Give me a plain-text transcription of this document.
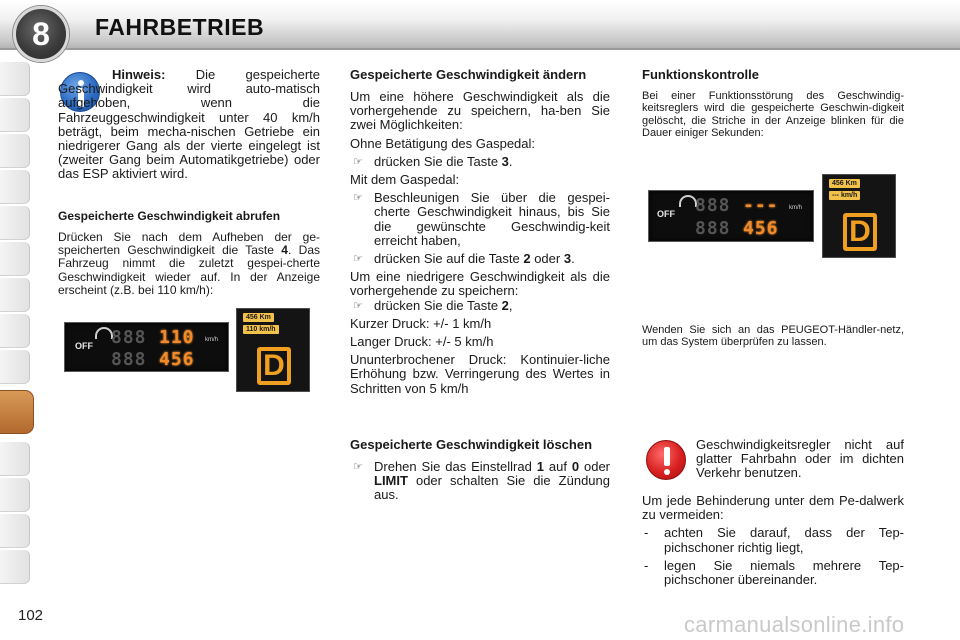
8	FAHRBETRIEB
Hinweis: Die gespeicherte Geschwindigkeit wird auto-matisch aufgehoben, wenn die Fahrzeuggeschwindigkeit unter 40 km/h beträgt, beim mecha-nischen Getriebe ein niedrigerer Gang als der vierte eingelegt ist (zweiter Gang beim Automatikgetriebe) oder das ESP aktiviert wird.
Gespeicherte Geschwindigkeit abrufen
Drücken Sie nach dem Aufheben der ge-speicherten Geschwindigkeit die Taste 4. Das Fahrzeug nimmt die zuletzt gespei-cherte Geschwindigkeit wieder auf. In der Anzeige erscheint (z.B. bei 110 km/h):
OFF 888 110 km/h
888 456
456 Km
110 km/h
D
Gespeicherte Geschwindigkeit ändern
Um eine höhere Geschwindigkeit als die vorhergehende zu speichern, ha-ben Sie zwei Möglichkeiten:
Ohne Betätigung des Gaspedal:
☞ drücken Sie die Taste 3.
Mit dem Gaspedal:
☞ Beschleunigen Sie über die gespei-cherte Geschwindigkeit hinaus, bis Sie die gewünschte Geschwindig-keit erreicht haben,
☞ drücken Sie auf die Taste 2 oder 3.
Um eine niedrigere Geschwindigkeit als die vorhergehende zu speichern:
☞ drücken Sie die Taste 2,
Kurzer Druck: +/- 1 km/h
Langer Druck: +/- 5 km/h
Ununterbrochener Druck: Kontinuier-liche Erhöhung bzw. Verringerung des Wertes in Schritten von 5 km/h
Gespeicherte Geschwindigkeit löschen
☞ Drehen Sie das Einstellrad 1 auf 0 oder LIMIT oder schalten Sie die Zündung aus.
Funktionskontrolle
Bei einer Funktionsstörung des Geschwindig-keitsreglers wird die gespeicherte Geschwin-digkeit gelöscht, die Striche in der Anzeige blinken für die Dauer einiger Sekunden:
OFF 888 --- km/h
888 456
456 Km
--- km/h
D
Wenden Sie sich an das PEUGEOT-Händler-netz, um das System überprüfen zu lassen.
Geschwindigkeitsregler nicht auf glatter Fahrbahn oder im dichten Verkehr benutzen.
Um jede Behinderung unter dem Pe-dalwerk zu vermeiden:
- achten Sie darauf, dass der Tep-pichschoner richtig liegt,
- legen Sie niemals mehrere Tep-pichschoner übereinander.
102	carmanualsonline.info
